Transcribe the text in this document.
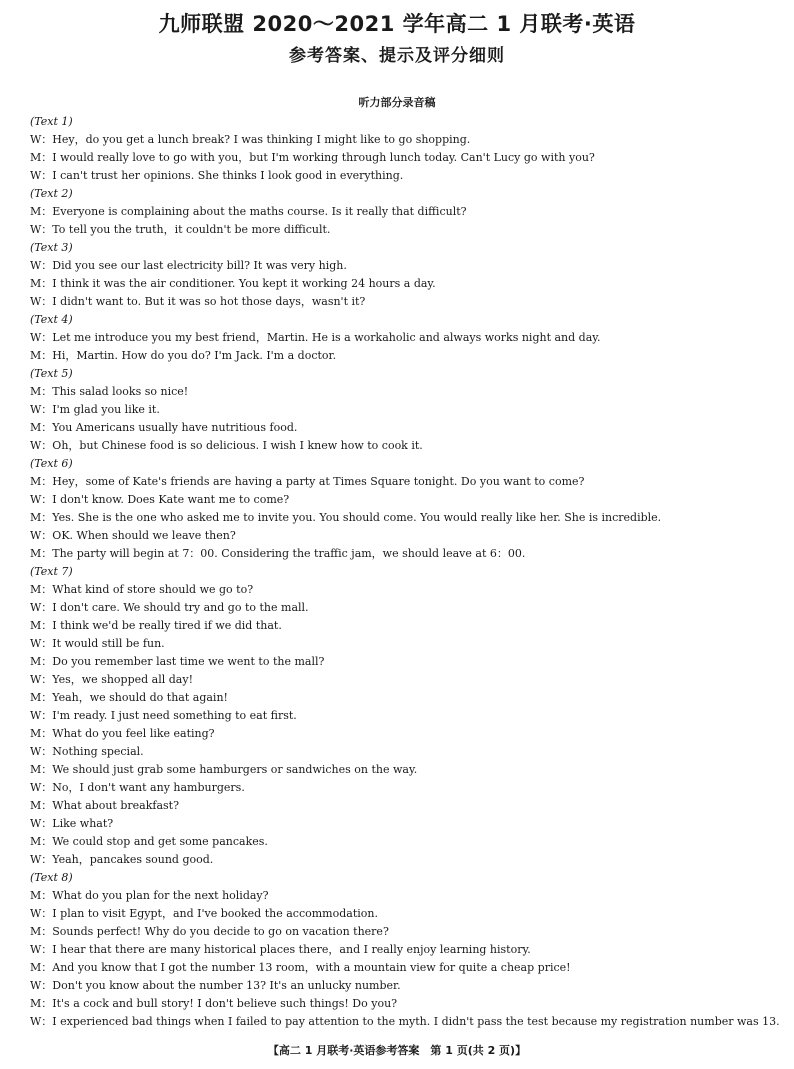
九师联盟 2020～2021 学年高二 1 月联考·英语
参考答案、提示及评分细则
听力部分录音稿
(Text 1)
W：Hey，do you get a lunch break? I was thinking I might like to go shopping.
M：I would really love to go with you，but I'm working through lunch today. Can't Lucy go with you?
W：I can't trust her opinions. She thinks I look good in everything.
(Text 2)
M：Everyone is complaining about the maths course. Is it really that difficult?
W：To tell you the truth，it couldn't be more difficult.
(Text 3)
W：Did you see our last electricity bill? It was very high.
M：I think it was the air conditioner. You kept it working 24 hours a day.
W：I didn't want to. But it was so hot those days，wasn't it?
(Text 4)
W：Let me introduce you my best friend，Martin. He is a workaholic and always works night and day.
M：Hi，Martin. How do you do? I'm Jack. I'm a doctor.
(Text 5)
M：This salad looks so nice!
W：I'm glad you like it.
M：You Americans usually have nutritious food.
W：Oh，but Chinese food is so delicious. I wish I knew how to cook it.
(Text 6)
M：Hey，some of Kate's friends are having a party at Times Square tonight. Do you want to come?
W：I don't know. Does Kate want me to come?
M：Yes. She is the one who asked me to invite you. You should come. You would really like her. She is incredible.
W：OK. When should we leave then?
M：The party will begin at 7：00. Considering the traffic jam，we should leave at 6：00.
(Text 7)
M：What kind of store should we go to?
W：I don't care. We should try and go to the mall.
M：I think we'd be really tired if we did that.
W：It would still be fun.
M：Do you remember last time we went to the mall?
W：Yes，we shopped all day!
M：Yeah，we should do that again!
W：I'm ready. I just need something to eat first.
M：What do you feel like eating?
W：Nothing special.
M：We should just grab some hamburgers or sandwiches on the way.
W：No，I don't want any hamburgers.
M：What about breakfast?
W：Like what?
M：We could stop and get some pancakes.
W：Yeah，pancakes sound good.
(Text 8)
M：What do you plan for the next holiday?
W：I plan to visit Egypt，and I've booked the accommodation.
M：Sounds perfect! Why do you decide to go on vacation there?
W：I hear that there are many historical places there，and I really enjoy learning history.
M：And you know that I got the number 13 room，with a mountain view for quite a cheap price!
W：Don't you know about the number 13? It's an unlucky number.
M：It's a cock and bull story! I don't believe such things! Do you?
W：I experienced bad things when I failed to pay attention to the myth. I didn't pass the test because my registration number was 13.
【高二 1 月联考·英语参考答案　第 1 页(共 2 页)】
